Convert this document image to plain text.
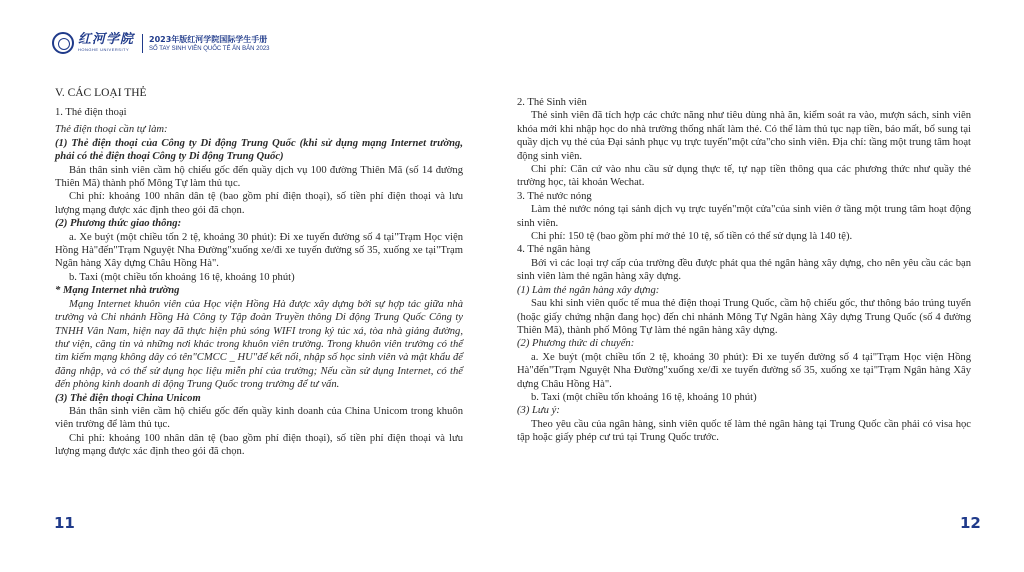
红河学院
HONGHE UNIVERSITY
2023年版红河学院国际学生手册
SỔ TAY SINH VIÊN QUỐC TẾ ẤN BẢN 2023
V. CÁC LOẠI THẺ
1. Thẻ điện thoại
Thẻ điện thoại cần tự làm:
(1) Thẻ điện thoại của Công ty Di động Trung Quốc (khi sử dụng mạng Internet trường, phải có thẻ điện thoại Công ty Di động Trung Quốc)
Bản thân sinh viên cầm hộ chiếu gốc đến quầy dịch vụ 100 đường Thiên Mã (số 14 đường Thiên Mã) thành phố Mông Tự làm thủ tục.
Chi phí: khoảng 100 nhân dân tệ (bao gồm phí điện thoại), số tiền phí điện thoại và lưu lượng mạng được xác định theo gói đã chọn.
(2) Phương thức giao thông:
a. Xe buýt (một chiều tốn 2 tệ, khoảng 30 phút): Đi xe tuyến đường số 4 tại"Trạm Học viện Hồng Hà"đến"Trạm Nguyệt Nha Đường"xuống xe/đi xe tuyến đường số 35, xuống xe tại"Trạm Ngân hàng Xây dựng Châu Hồng Hà".
b. Taxi (một chiều tốn khoảng 16 tệ, khoảng 10 phút)
* Mạng Internet nhà trường
Mạng Internet khuôn viên của Học viện Hồng Hà được xây dựng bởi sự hợp tác giữa nhà trường và Chi nhánh Hồng Hà Công ty Tập đoàn Truyền thông Di động Trung Quốc Công ty TNHH Vân Nam, hiện nay đã thực hiện phủ sóng WIFI trong ký túc xá, tòa nhà giảng đường, thư viện, căng tin và những nơi khác trong khuôn viên trường. Trong khuôn viên trường có thể tìm kiếm mạng không dây có tên"CMCC _ HU"để kết nối, nhập số học sinh viên và mật khẩu để đăng nhập, và có thể sử dụng học liệu miễn phí của trường; Nếu cần sử dụng Internet, có thể đến phòng kinh doanh di động Trung Quốc trong trường để tư vấn.
(3) Thẻ điện thoại China Unicom
Bản thân sinh viên cầm hộ chiếu gốc đến quầy kinh doanh của China Unicom trong khuôn viên trường để làm thủ tục.
Chi phí: khoảng 100 nhân dân tệ (bao gồm phí điện thoại), số tiền phí điện thoại và lưu lượng mạng được xác định theo gói đã chọn.
2. Thẻ Sinh viên
Thẻ sinh viên đã tích hợp các chức năng như tiêu dùng nhà ăn, kiểm soát ra vào, mượn sách, sinh viên khóa mới khi nhập học do nhà trường thống nhất làm thẻ. Có thể làm thủ tục nạp tiền, báo mất, bổ sung tại quầy dịch vụ thẻ của Đại sảnh phục vụ trực tuyến"một cửa"cho sinh viên. Địa chỉ: tầng một trung tâm hoạt động sinh viên.
Chi phí: Căn cứ vào nhu cầu sử dụng thực tế, tự nạp tiền thông qua các phương thức như quầy thẻ trường học, tài khoản Wechat.
3. Thẻ nước nóng
Làm thẻ nước nóng tại sảnh dịch vụ trực tuyến"một cửa"của sinh viên ở tầng một trung tâm hoạt động sinh viên.
Chi phí: 150 tệ (bao gồm phí mở thẻ 10 tệ, số tiền có thể sử dụng là 140 tệ).
4. Thẻ ngân hàng
Bởi vì các loại trợ cấp của trường đều được phát qua thẻ ngân hàng xây dựng, cho nên yêu cầu các bạn sinh viên làm thẻ ngân hàng xây dựng.
(1) Làm thẻ ngân hàng xây dựng:
Sau khi sinh viên quốc tế mua thẻ điện thoại Trung Quốc, cầm hộ chiếu gốc, thư thông báo trúng tuyển (hoặc giấy chứng nhận đang học) đến chi nhánh Mông Tự Ngân hàng Xây dựng Trung Quốc (số 4 đường Thiên Mã), thành phố Mông Tự làm thẻ ngân hàng xây dựng.
(2) Phương thức di chuyển:
a. Xe buýt (một chiều tốn 2 tệ, khoảng 30 phút): Đi xe tuyến đường số 4 tại"Trạm Học viện Hồng Hà"đến"Trạm Nguyệt Nha Đường"xuống xe/đi xe tuyến đường số 35, xuống xe tại"Trạm Ngân hàng Xây dựng Châu Hồng Hà".
b. Taxi (một chiều tốn khoảng 16 tệ, khoảng 10 phút)
(3) Lưu ý:
Theo yêu cầu của ngân hàng, sinh viên quốc tế làm thẻ ngân hàng tại Trung Quốc cần phải có visa học tập hoặc giấy phép cư trú tại Trung Quốc trước.
11	12
